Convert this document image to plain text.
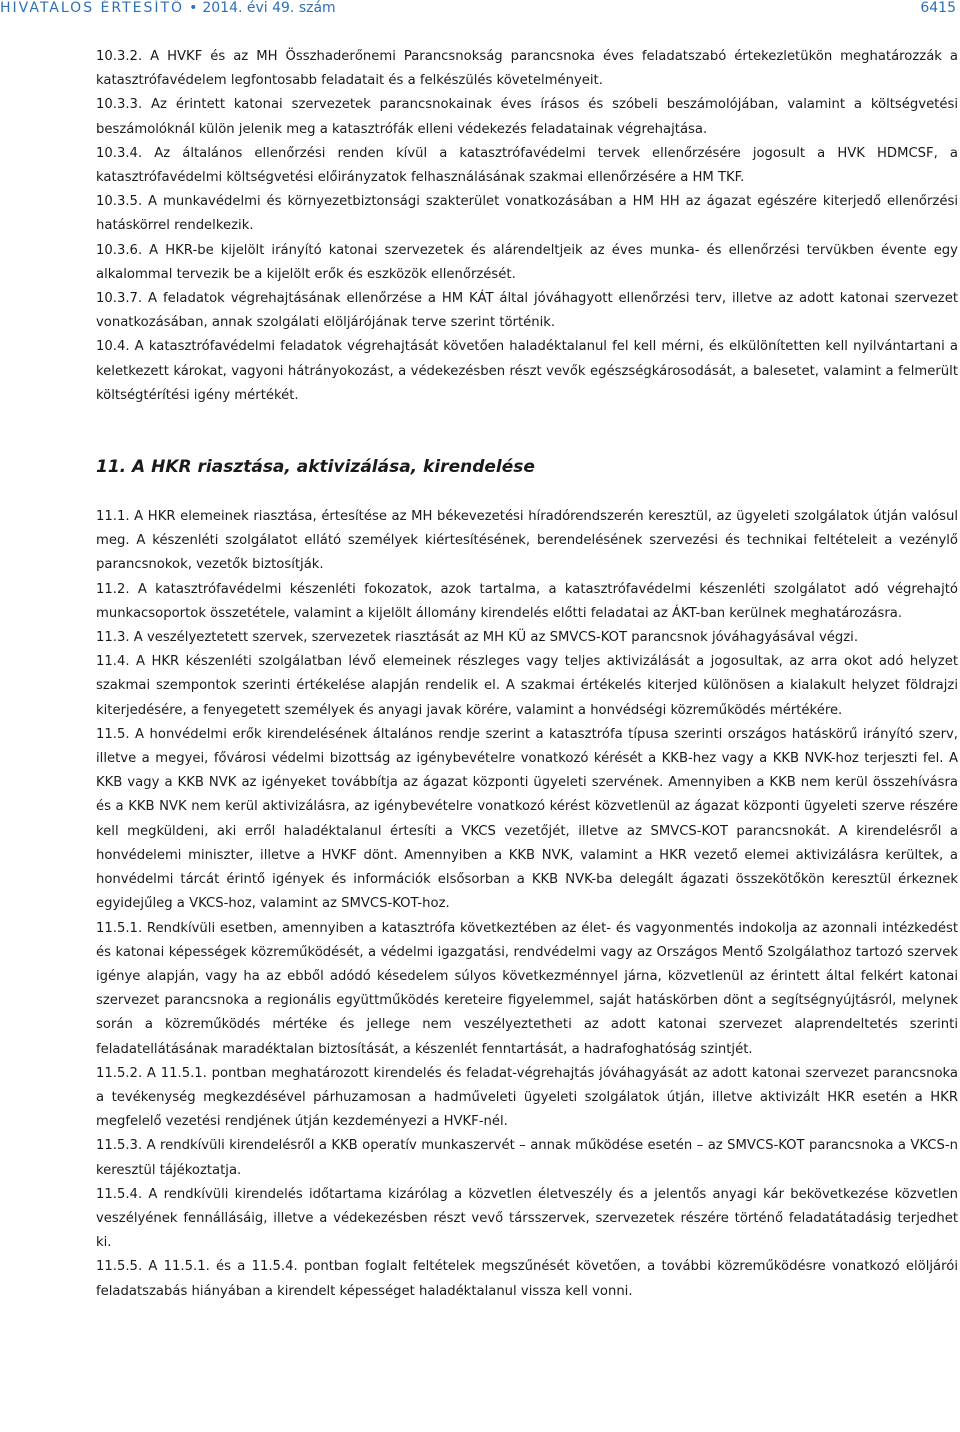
HIVATALOS ÉRTESÍTŐ • 2014. évi 49. szám	6415

10.3.2. A HVKF és az MH Összhaderőnemi Parancsnokság parancsnoka éves feladatszabó értekezletükön meghatározzák a katasztrófavédelem legfontosabb feladatait és a felkészülés követelményeit.

10.3.3. Az érintett katonai szervezetek parancsnokainak éves írásos és szóbeli beszámolójában, valamint a költségvetési beszámolóknál külön jelenik meg a katasztrófák elleni védekezés feladatainak végrehajtása.

10.3.4. Az általános ellenőrzési renden kívül a katasztrófavédelmi tervek ellenőrzésére jogosult a HVK HDMCSF, a katasztrófavédelmi költségvetési előirányzatok felhasználásának szakmai ellenőrzésére a HM TKF.

10.3.5. A munkavédelmi és környezetbiztonsági szakterület vonatkozásában a HM HH az ágazat egészére kiterjedő ellenőrzési hatáskörrel rendelkezik.

10.3.6. A HKR-be kijelölt irányító katonai szervezetek és alárendeltjeik az éves munka- és ellenőrzési tervükben évente egy alkalommal tervezik be a kijelölt erők és eszközök ellenőrzését.

10.3.7. A feladatok végrehajtásának ellenőrzése a HM KÁT által jóváhagyott ellenőrzési terv, illetve az adott katonai szervezet vonatkozásában, annak szolgálati elöljárójának terve szerint történik.

10.4. A katasztrófavédelmi feladatok végrehajtását követően haladéktalanul fel kell mérni, és elkülönítetten kell nyilvántartani a keletkezett károkat, vagyoni hátrányokozást, a védekezésben részt vevők egészségkárosodását, a balesetet, valamint a felmerült költségtérítési igény mértékét.

11. A HKR riasztása, aktivizálása, kirendelése

11.1. A HKR elemeinek riasztása, értesítése az MH békevezetési híradórendszerén keresztül, az ügyeleti szolgálatok útján valósul meg. A készenléti szolgálatot ellátó személyek kiértesítésének, berendelésének szervezési és technikai feltételeit a vezénylő parancsnokok, vezetők biztosítják.

11.2. A katasztrófavédelmi készenléti fokozatok, azok tartalma, a katasztrófavédelmi készenléti szolgálatot adó végrehajtó munkacsoportok összetétele, valamint a kijelölt állomány kirendelés előtti feladatai az ÁKT-ban kerülnek meghatározásra.

11.3. A veszélyeztetett szervek, szervezetek riasztását az MH KÜ az SMVCS-KOT parancsnok jóváhagyásával végzi.

11.4. A HKR készenléti szolgálatban lévő elemeinek részleges vagy teljes aktivizálását a jogosultak, az arra okot adó helyzet szakmai szempontok szerinti értékelése alapján rendelik el. A szakmai értékelés kiterjed különösen a kialakult helyzet földrajzi kiterjedésére, a fenyegetett személyek és anyagi javak körére, valamint a honvédségi közreműködés mértékére.

11.5. A honvédelmi erők kirendelésének általános rendje szerint a katasztrófa típusa szerinti országos hatáskörű irányító szerv, illetve a megyei, fővárosi védelmi bizottság az igénybevételre vonatkozó kérését a KKB-hez vagy a KKB NVK-hoz terjeszti fel. A KKB vagy a KKB NVK az igényeket továbbítja az ágazat központi ügyeleti szervének. Amennyiben a KKB nem kerül összehívásra és a KKB NVK nem kerül aktivizálásra, az igénybevételre vonatkozó kérést közvetlenül az ágazat központi ügyeleti szerve részére kell megküldeni, aki erről haladéktalanul értesíti a VKCS vezetőjét, illetve az SMVCS-KOT parancsnokát. A kirendelésről a honvédelemi miniszter, illetve a HVKF dönt. Amennyiben a KKB NVK, valamint a HKR vezető elemei aktivizálásra kerültek, a honvédelmi tárcát érintő igények és információk elsősorban a KKB NVK-ba delegált ágazati összekötőkön keresztül érkeznek egyidejűleg a VKCS-hoz, valamint az SMVCS-KOT-hoz.

11.5.1. Rendkívüli esetben, amennyiben a katasztrófa következtében az élet- és vagyonmentés indokolja az azonnali intézkedést és katonai képességek közreműködését, a védelmi igazgatási, rendvédelmi vagy az Országos Mentő Szolgálathoz tartozó szervek igénye alapján, vagy ha az ebből adódó késedelem súlyos következménnyel járna, közvetlenül az érintett által felkért katonai szervezet parancsnoka a regionális együttműködés kereteire figyelemmel, saját hatáskörben dönt a segítségnyújtásról, melynek során a közreműködés mértéke és jellege nem veszélyeztetheti az adott katonai szervezet alaprendeltetés szerinti feladatellátásának maradéktalan biztosítását, a készenlét fenntartását, a hadrafoghatóság szintjét.

11.5.2. A 11.5.1. pontban meghatározott kirendelés és feladat-végrehajtás jóváhagyását az adott katonai szervezet parancsnoka a tevékenység megkezdésével párhuzamosan a hadműveleti ügyeleti szolgálatok útján, illetve aktivizált HKR esetén a HKR megfelelő vezetési rendjének útján kezdeményezi a HVKF-nél.

11.5.3. A rendkívüli kirendelésről a KKB operatív munkaszervét – annak működése esetén – az SMVCS-KOT parancsnoka a VKCS-n keresztül tájékoztatja.

11.5.4. A rendkívüli kirendelés időtartama kizárólag a közvetlen életveszély és a jelentős anyagi kár bekövetkezése közvetlen veszélyének fennállásáig, illetve a védekezésben részt vevő társszervek, szervezetek részére történő feladatátadásig terjedhet ki.

11.5.5. A 11.5.1. és a 11.5.4. pontban foglalt feltételek megszűnését követően, a további közreműködésre vonatkozó elöljárói feladatszabás hiányában a kirendelt képességet haladéktalanul vissza kell vonni.
